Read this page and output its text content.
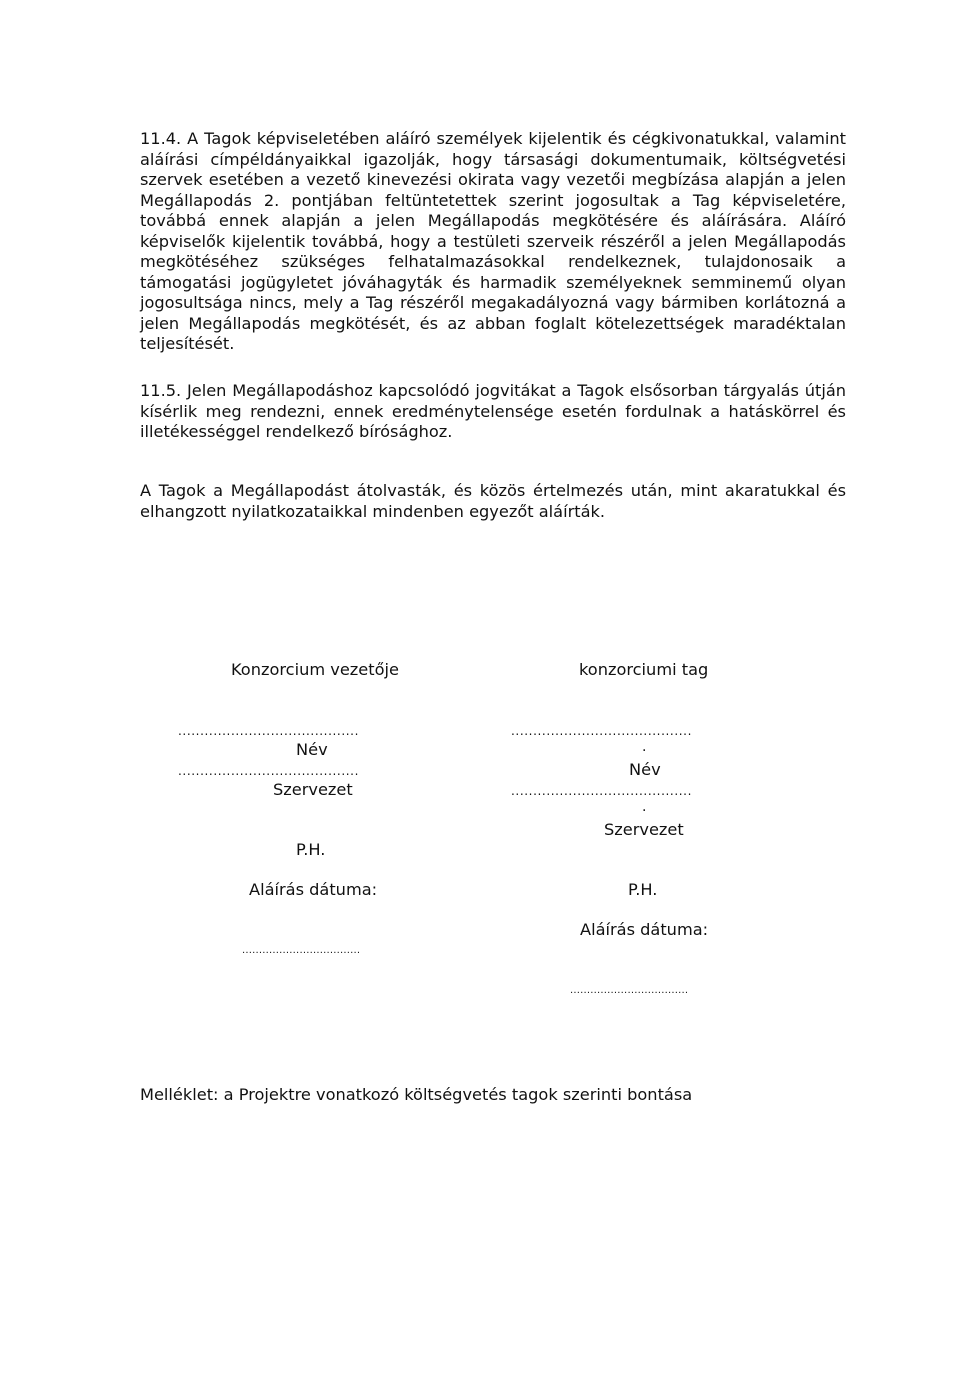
11.4. A Tagok képviseletében aláíró személyek kijelentik és cégkivonatukkal, valamint aláírási címpéldányaikkal igazolják, hogy társasági dokumentumaik, költségvetési szervek esetében a vezető kinevezési okirata vagy vezetői megbízása alapján a jelen Megállapodás 2. pontjában feltüntetettek szerint jogosultak a Tag képviseletére, továbbá ennek alapján a jelen Megállapodás megkötésére és aláírására. Aláíró képviselők kijelentik továbbá, hogy a testületi szerveik részéről a jelen Megállapodás megkötéséhez szükséges felhatalmazásokkal rendelkeznek, tulajdonosaik a támogatási jogügyletet jóváhagyták és harmadik személyeknek semminemű olyan jogosultsága nincs, mely a Tag részéről megakadályozná vagy bármiben korlátozná a jelen Megállapodás megkötését, és az abban foglalt kötelezettségek maradéktalan teljesítését.

11.5. Jelen Megállapodáshoz kapcsolódó jogvitákat a Tagok elsősorban tárgyalás útján kísérlik meg rendezni, ennek eredménytelensége esetén fordulnak a hatáskörrel és illetékességgel rendelkező bírósághoz.

A Tagok a Megállapodást átolvasták, és közös értelmezés után, mint akaratukkal és elhangzott nyilatkozataikkal mindenben egyezőt aláírták.

Konzorcium vezetője
.........................................
Név
.........................................
Szervezet
P.H.
Aláírás dátuma:
...................................
konzorciumi tag
.........................................
.
Név
.........................................
.
Szervezet
P.H.
Aláírás dátuma:
...................................
Melléklet: a Projektre vonatkozó költségvetés tagok szerinti bontása
